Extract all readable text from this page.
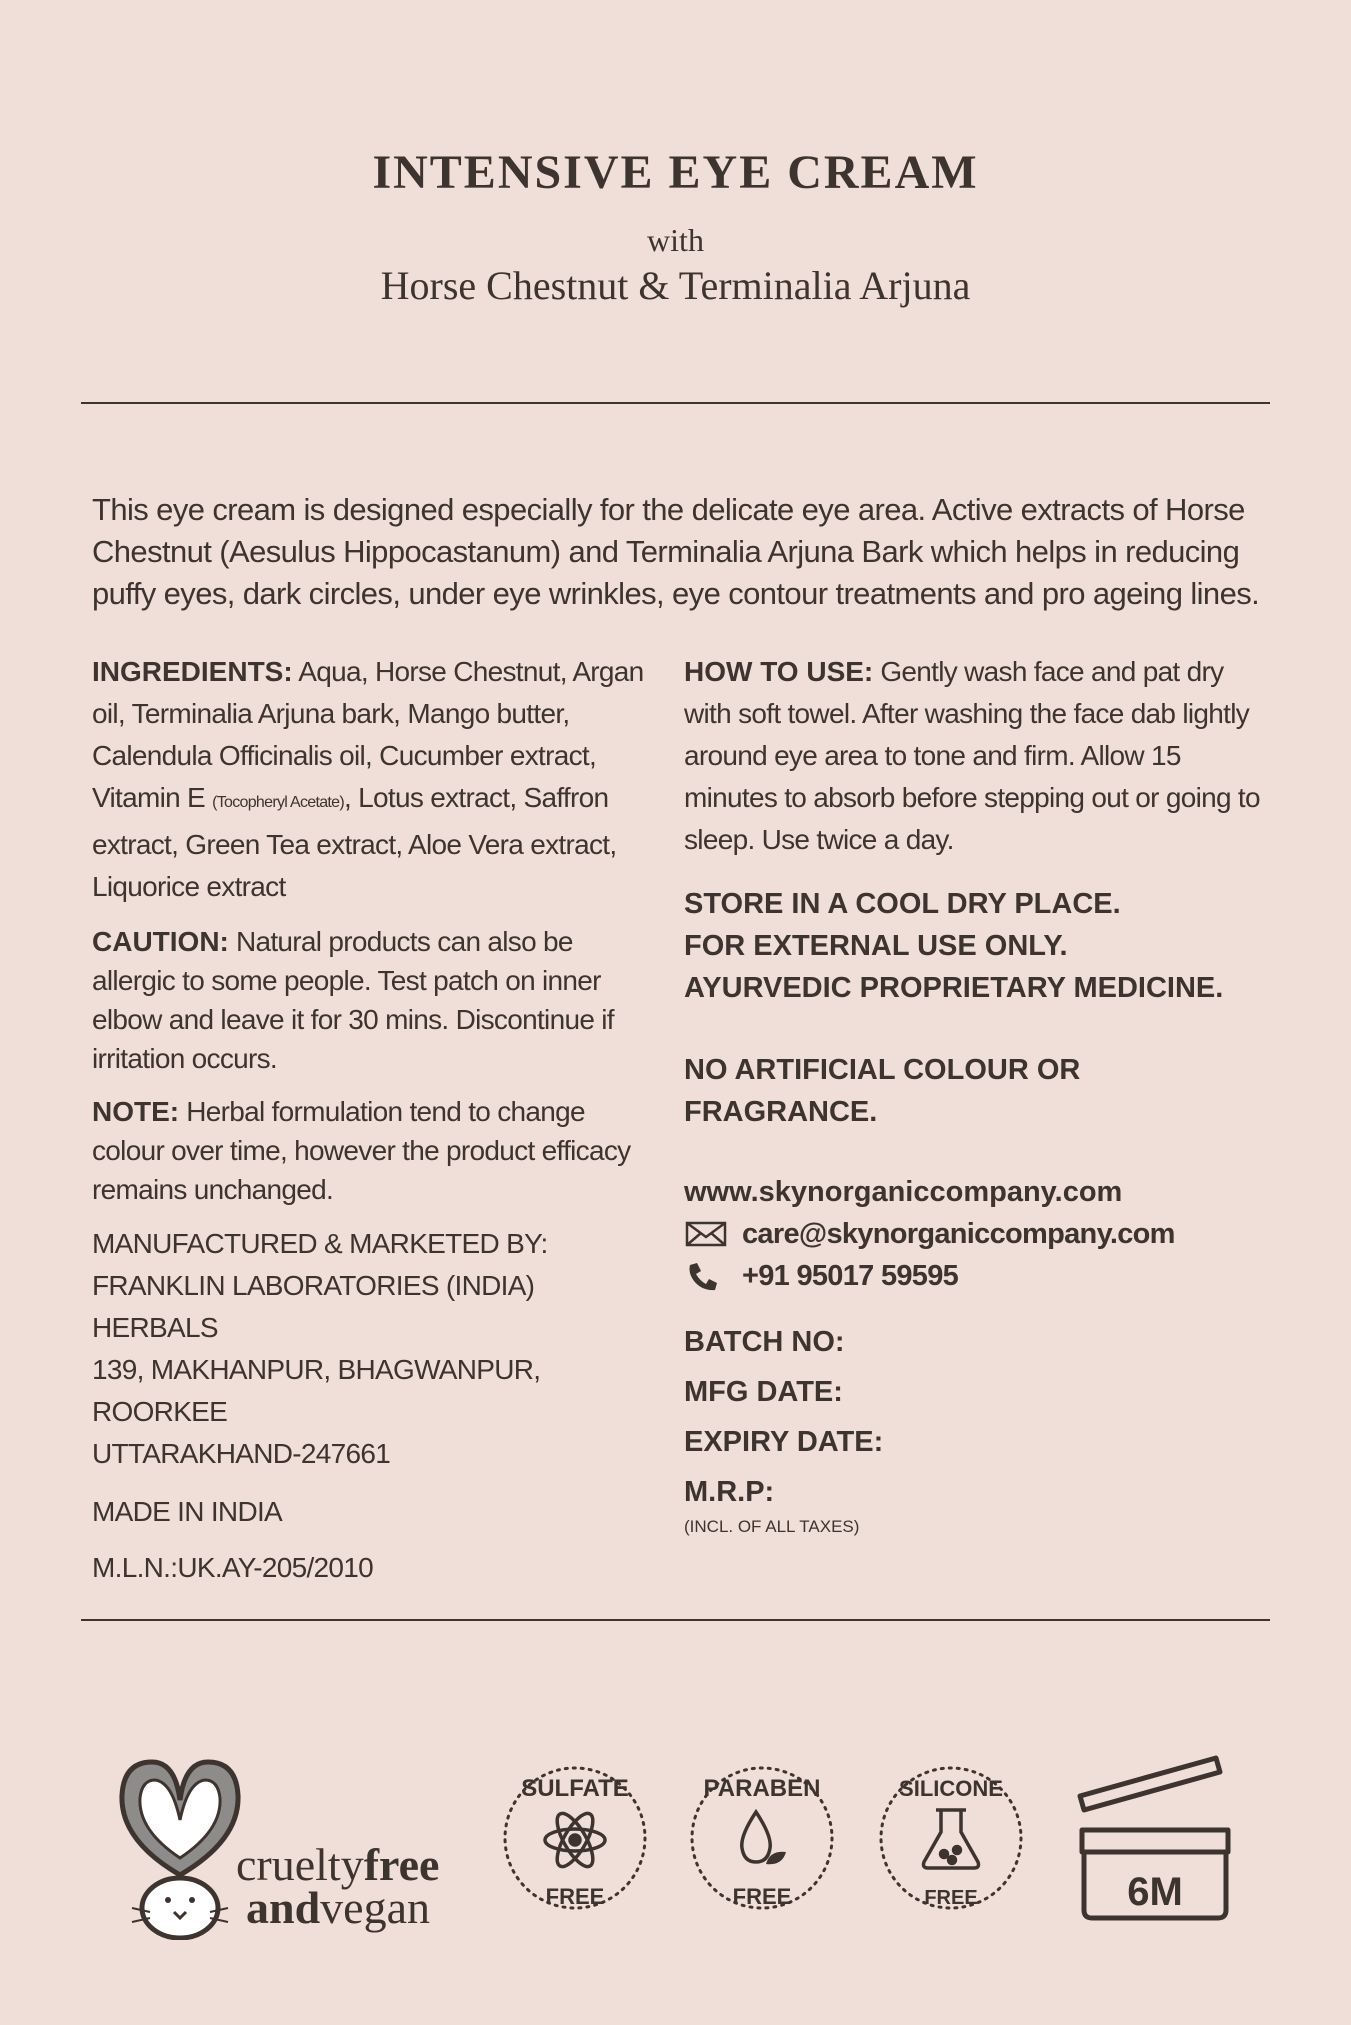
INTENSIVE EYE CREAM
with
Horse Chestnut & Terminalia Arjuna
This eye cream is designed especially for the delicate eye area. Active extracts of Horse Chestnut (Aesulus Hippocastanum) and Terminalia Arjuna Bark which helps in reducing puffy eyes, dark circles, under eye wrinkles, eye contour treatments and pro ageing lines.

INGREDIENTS: Aqua, Horse Chestnut, Argan oil, Terminalia Arjuna bark, Mango butter, Calendula Officinalis oil, Cucumber extract, Vitamin E (Tocopheryl Acetate), Lotus extract, Saffron extract, Green Tea extract, Aloe Vera extract, Liquorice extract

CAUTION: Natural products can also be allergic to some people. Test patch on inner elbow and leave it for 30 mins. Discontinue if irritation occurs.

NOTE: Herbal formulation tend to change colour over time, however the product efficacy remains unchanged.

MANUFACTURED & MARKETED BY:
FRANKLIN LABORATORIES (INDIA) HERBALS
139, MAKHANPUR, BHAGWANPUR, ROORKEE
UTTARAKHAND-247661
MADE IN INDIA
M.L.N.:UK.AY-205/2010

HOW TO USE: Gently wash face and pat dry with soft towel. After washing the face dab lightly around eye area to tone and firm. Allow 15 minutes to absorb before stepping out or going to sleep. Use twice a day.

STORE IN A COOL DRY PLACE.
FOR EXTERNAL USE ONLY.
AYURVEDIC PROPRIETARY MEDICINE.
NO ARTIFICIAL COLOUR OR FRAGRANCE.
www.skynorganiccompany.com
care@skynorganiccompany.com
+91 95017 59595
BATCH NO:
MFG DATE:
EXPIRY DATE:
M.R.P:
(INCL. OF ALL TAXES)
crueltyfree
andvegan
SULFATE
FREE
PARABEN
FREE
SILICONE
FREE	6M
